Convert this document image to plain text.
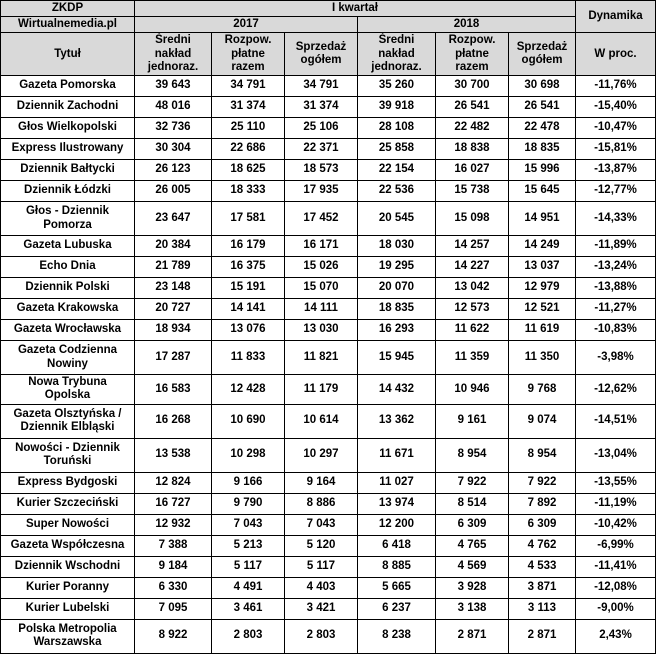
ZKDP	I kwartał						Dynamika
Wirtualnemedia.pl	2017			2018			
Tytuł	Średni nakład jednoraz.	Rozpow. płatne razem	Sprzedaż ogółem	Średni nakład jednoraz.	Rozpow. płatne razem	Sprzedaż ogółem	W proc.
Gazeta Pomorska	39 643	34 791	34 791	35 260	30 700	30 698	-11,76%
Dziennik Zachodni	48 016	31 374	31 374	39 918	26 541	26 541	-15,40%
Głos Wielkopolski	32 736	25 110	25 106	28 108	22 482	22 478	-10,47%
Express Ilustrowany	30 304	22 686	22 371	25 858	18 838	18 835	-15,81%
Dziennik Bałtycki	26 123	18 625	18 573	22 154	16 027	15 996	-13,87%
Dziennik Łódzki	26 005	18 333	17 935	22 536	15 738	15 645	-12,77%
Głos - Dziennik Pomorza	23 647	17 581	17 452	20 545	15 098	14 951	-14,33%
Gazeta Lubuska	20 384	16 179	16 171	18 030	14 257	14 249	-11,89%
Echo Dnia	21 789	16 375	15 026	19 295	14 227	13 037	-13,24%
Dziennik Polski	23 148	15 191	15 070	20 070	13 042	12 979	-13,88%
Gazeta Krakowska	20 727	14 141	14 111	18 835	12 573	12 521	-11,27%
Gazeta Wrocławska	18 934	13 076	13 030	16 293	11 622	11 619	-10,83%
Gazeta Codzienna Nowiny	17 287	11 833	11 821	15 945	11 359	11 350	-3,98%
Nowa Trybuna Opolska	16 583	12 428	11 179	14 432	10 946	9 768	-12,62%
Gazeta Olsztyńska / Dziennik Elbląski	16 268	10 690	10 614	13 362	9 161	9 074	-14,51%
Nowości - Dziennik Toruński	13 538	10 298	10 297	11 671	8 954	8 954	-13,04%
Express Bydgoski	12 824	9 166	9 164	11 027	7 922	7 922	-13,55%
Kurier Szczeciński	16 727	9 790	8 886	13 974	8 514	7 892	-11,19%
Super Nowości	12 932	7 043	7 043	12 200	6 309	6 309	-10,42%
Gazeta Współczesna	7 388	5 213	5 120	6 418	4 765	4 762	-6,99%
Dziennik Wschodni	9 184	5 117	5 117	8 885	4 569	4 533	-11,41%
Kurier Poranny	6 330	4 491	4 403	5 665	3 928	3 871	-12,08%
Kurier Lubelski	7 095	3 461	3 421	6 237	3 138	3 113	-9,00%
Polska Metropolia Warszawska	8 922	2 803	2 803	8 238	2 871	2 871	2,43%
